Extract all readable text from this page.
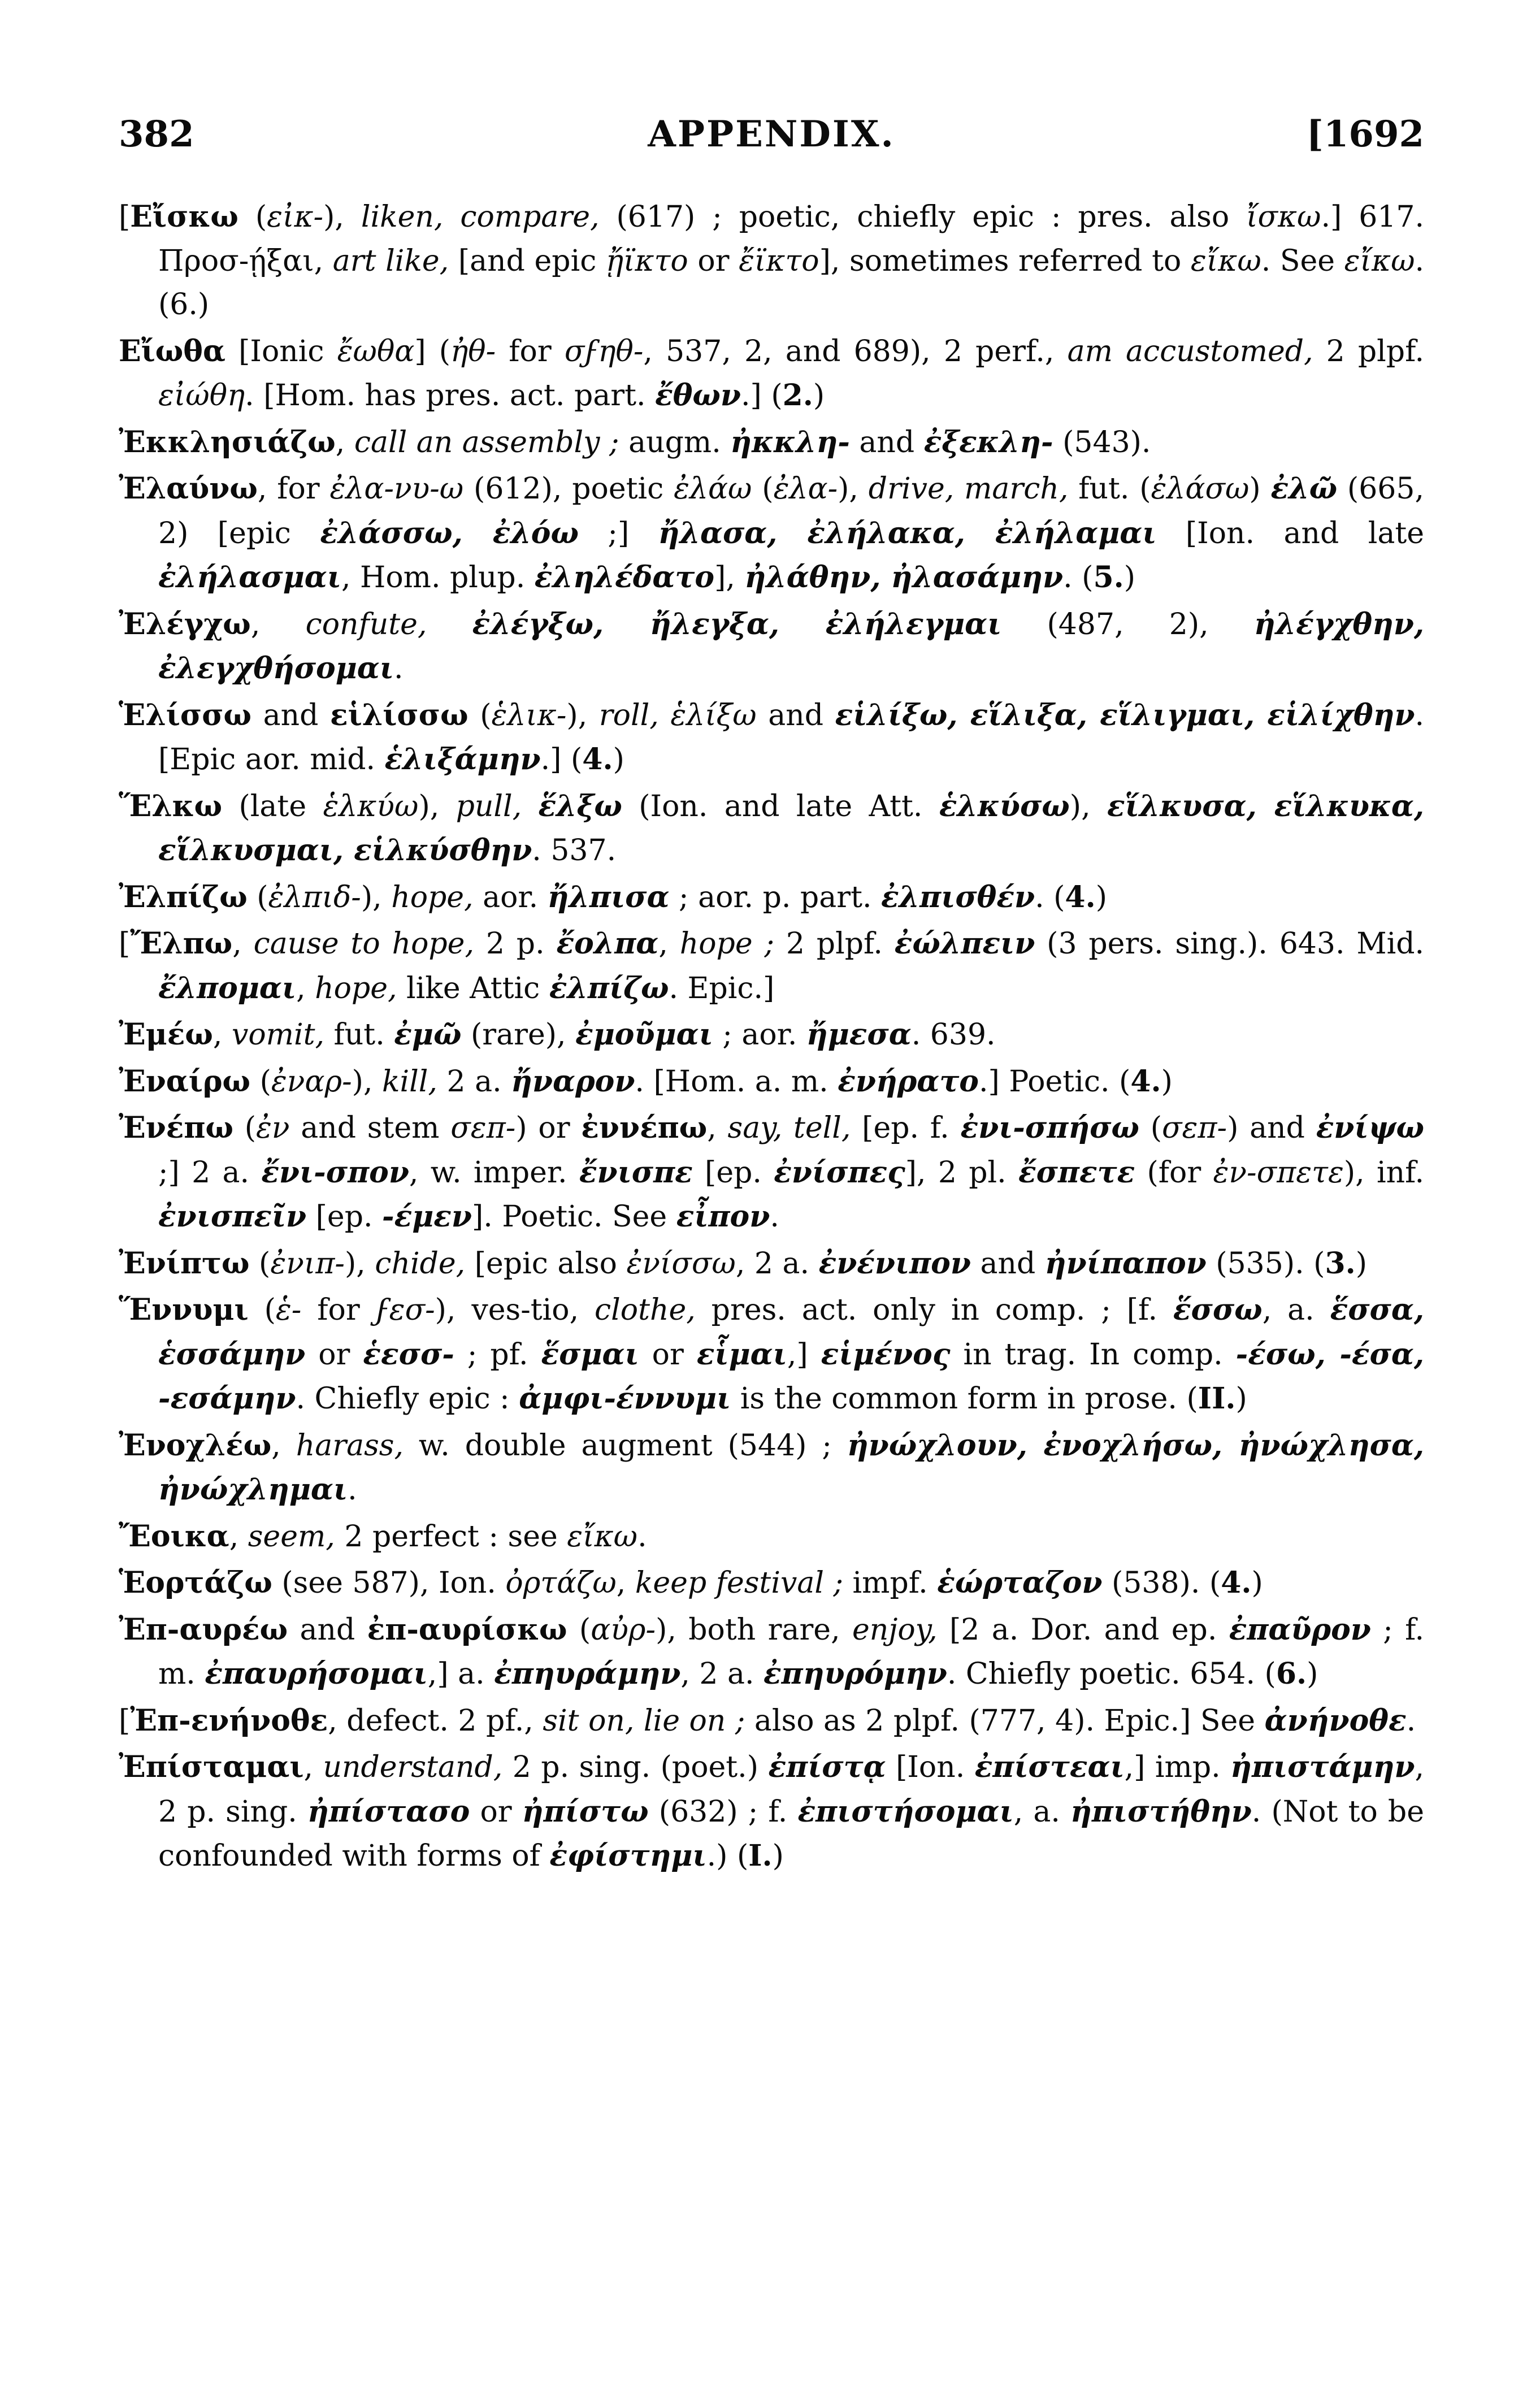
382	APPENDIX.	[1692

[Εἴσκω (εἰκ-), liken, compare, (617) ; poetic, chiefly epic : pres. also ἴσκω.] 617. Προσ-ῄξαι, art like, [and epic ᾔϊκτο or ἔϊκτο], sometimes referred to εἴκω. See εἴκω. (6.)

Εἴωθα [Ionic ἔωθα] (ἠθ- for σϝηθ-, 537, 2, and 689), 2 perf., am accustomed, 2 plpf. εἰώθη. [Hom. has pres. act. part. ἔθων.] (2.)

Ἐκκλησιάζω, call an assembly ; augm. ἠκκλη- and ἐξεκλη- (543).

Ἐλαύνω, for ἐλα-νυ-ω (612), poetic ἐλάω (ἐλα-), drive, march, fut. (ἐλάσω) ἐλῶ (665, 2) [epic ἐλάσσω, ἐλόω ;] ἤλασα, ἐλήλακα, ἐλήλαμαι [Ion. and late ἐλήλασμαι, Hom. plup. ἐληλέδατο], ἠλάθην, ἠλασάμην. (5.)

Ἐλέγχω, confute, ἐλέγξω, ἤλεγξα, ἐλήλεγμαι (487, 2), ἠλέγχθην, ἐλεγχθήσομαι.

Ἑλίσσω and εἱλίσσω (ἑλικ-), roll, ἑλίξω and εἱλίξω, εἵλιξα, εἵλιγμαι, εἱλίχθην. [Epic aor. mid. ἑλιξάμην.] (4.)

Ἕλκω (late ἑλκύω), pull, ἕλξω (Ion. and late Att. ἑλκύσω), εἵλκυσα, εἵλκυκα, εἵλκυσμαι, εἱλκύσθην. 537.

Ἐλπίζω (ἐλπιδ-), hope, aor. ἤλπισα ; aor. p. part. ἐλπισθέν. (4.)

[Ἔλπω, cause to hope, 2 p. ἔολπα, hope ; 2 plpf. ἐώλπειν (3 pers. sing.). 643. Mid. ἔλπομαι, hope, like Attic ἐλπίζω. Epic.]

Ἐμέω, vomit, fut. ἐμῶ (rare), ἐμοῦμαι ; aor. ἤμεσα. 639.

Ἐναίρω (ἐναρ-), kill, 2 a. ἤναρον. [Hom. a. m. ἐνήρατο.] Poetic. (4.)

Ἐνέπω (ἐν and stem σεπ-) or ἐννέπω, say, tell, [ep. f. ἐνι-σπήσω (σεπ-) and ἐνίψω ;] 2 a. ἔνι-σπον, w. imper. ἔνισπε [ep. ἐνίσπες], 2 pl. ἔσπετε (for ἐν-σπετε), inf. ἐνισπεῖν [ep. -έμεν]. Poetic. See εἶπον.

Ἐνίπτω (ἐνιπ-), chide, [epic also ἐνίσσω, 2 a. ἐνένιπον and ἠνίπαπον (535). (3.)

Ἕννυμι (ἑ- for ϝεσ-), ves-tio, clothe, pres. act. only in comp. ; [f. ἕσσω, a. ἕσσα, ἑσσάμην or ἑεσσ- ; pf. ἕσμαι or εἷμαι,] εἱμένος in trag. In comp. -έσω, -έσα, -εσάμην. Chiefly epic : ἀμφι-έννυμι is the common form in prose. (II.)

Ἐνοχλέω, harass, w. double augment (544) ; ἠνώχλουν, ἐνοχλήσω, ἠνώχλησα, ἠνώχλημαι.

Ἔοικα, seem, 2 perfect : see εἴκω.

Ἑορτάζω (see 587), Ion. ὀρτάζω, keep festival ; impf. ἑώρταζον (538). (4.)

Ἐπ-αυρέω and ἐπ-αυρίσκω (αὐρ-), both rare, enjoy, [2 a. Dor. and ep. ἐπαῦρον ; f. m. ἐπαυρήσομαι,] a. ἐπηυράμην, 2 a. ἐπηυρόμην. Chiefly poetic. 654. (6.)

[Ἐπ-ενήνοθε, defect. 2 pf., sit on, lie on ; also as 2 plpf. (777, 4). Epic.] See ἀνήνοθε.

Ἐπίσταμαι, understand, 2 p. sing. (poet.) ἐπίστᾳ [Ion. ἐπίστεαι,] imp. ἠπιστάμην, 2 p. sing. ἠπίστασο or ἠπίστω (632) ; f. ἐπιστήσομαι, a. ἠπιστήθην. (Not to be confounded with forms of ἐφίστημι.) (I.)
